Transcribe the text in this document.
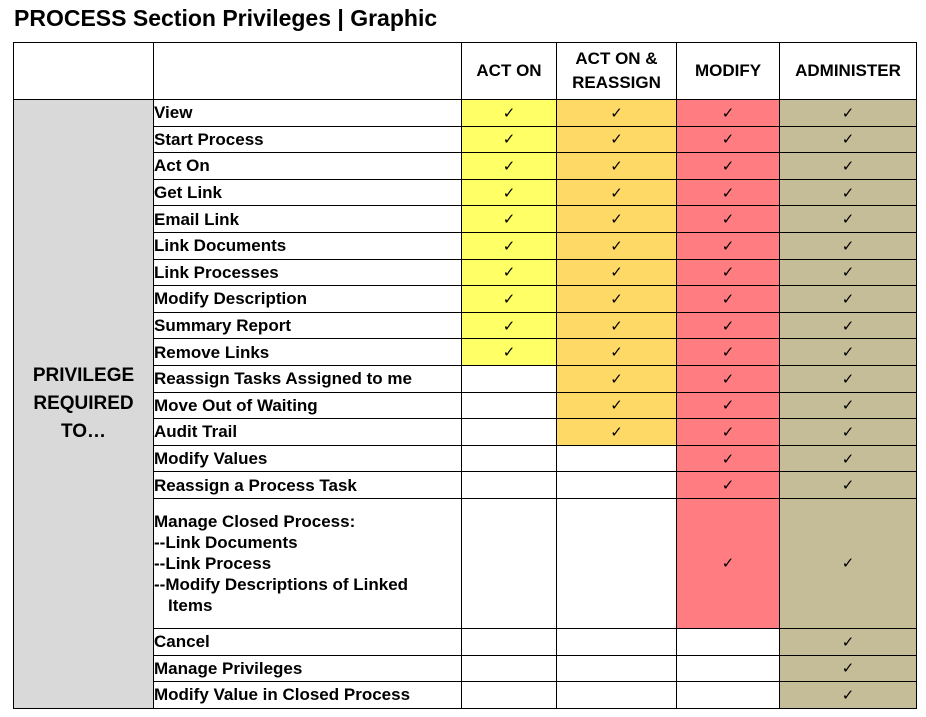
PROCESS Section Privileges | Graphic
		ACT ON	ACT ON &
REASSIGN	MODIFY	ADMINISTER

PRIVILEGE
REQUIRED
TO…	View	✓	✓	✓	✓

	Start Process	✓	✓	✓	✓

	Act On	✓	✓	✓	✓

	Get Link	✓	✓	✓	✓

	Email Link	✓	✓	✓	✓

	Link Documents	✓	✓	✓	✓

	Link Processes	✓	✓	✓	✓

	Modify Description	✓	✓	✓	✓

	Summary Report	✓	✓	✓	✓

	Remove Links	✓	✓	✓	✓

	Reassign Tasks Assigned to me		✓	✓	✓

	Move Out of Waiting		✓	✓	✓

	Audit Trail		✓	✓	✓

	Modify Values			✓	✓

	Reassign a Process Task			✓	✓

	Manage Closed Process:
--Link Documents
--Link Process
--Modify Descriptions of Linked
Items			✓	✓

	Cancel				✓

	Manage Privileges				✓

	Modify Value in Closed Process				✓
